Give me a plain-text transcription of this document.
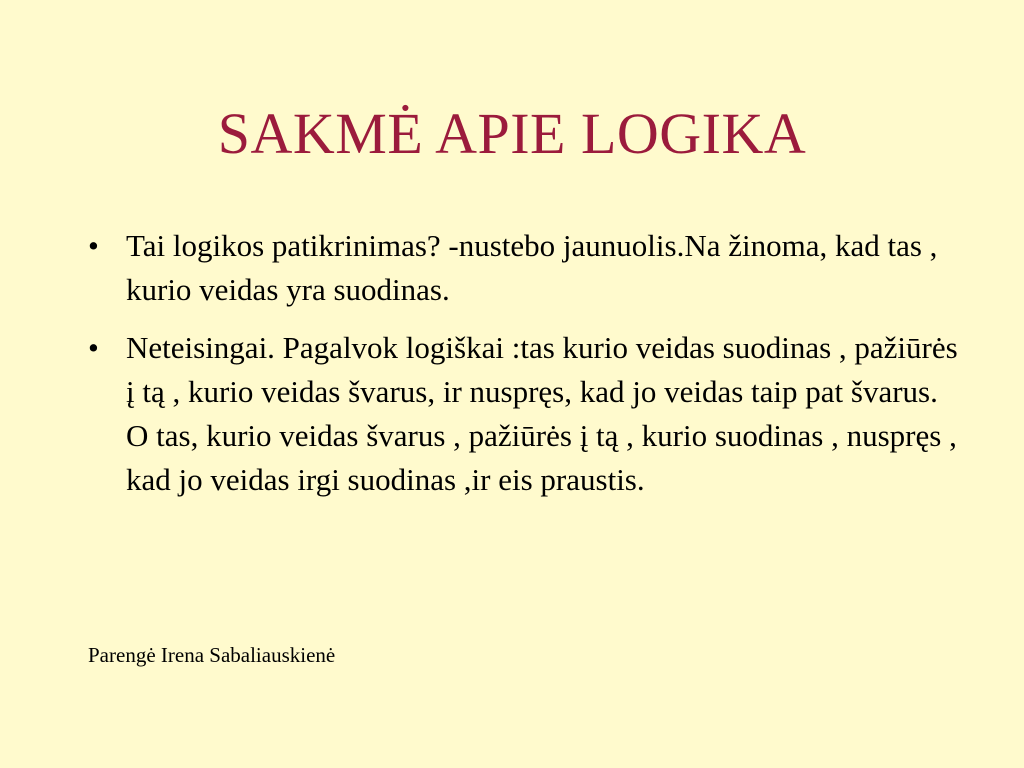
SAKMĖ APIE LOGIKA
• Tai logikos patikrinimas? -nustebo jaunuolis.Na žinoma, kad tas , kurio veidas yra suodinas.
• Neteisingai. Pagalvok logiškai :tas kurio veidas suodinas , pažiūrės į tą , kurio veidas švarus, ir nuspręs, kad jo veidas taip pat švarus. O tas, kurio veidas švarus , pažiūrės į tą , kurio suodinas , nuspręs , kad jo veidas irgi suodinas ,ir eis praustis.

Parengė Irena Sabaliauskienė
